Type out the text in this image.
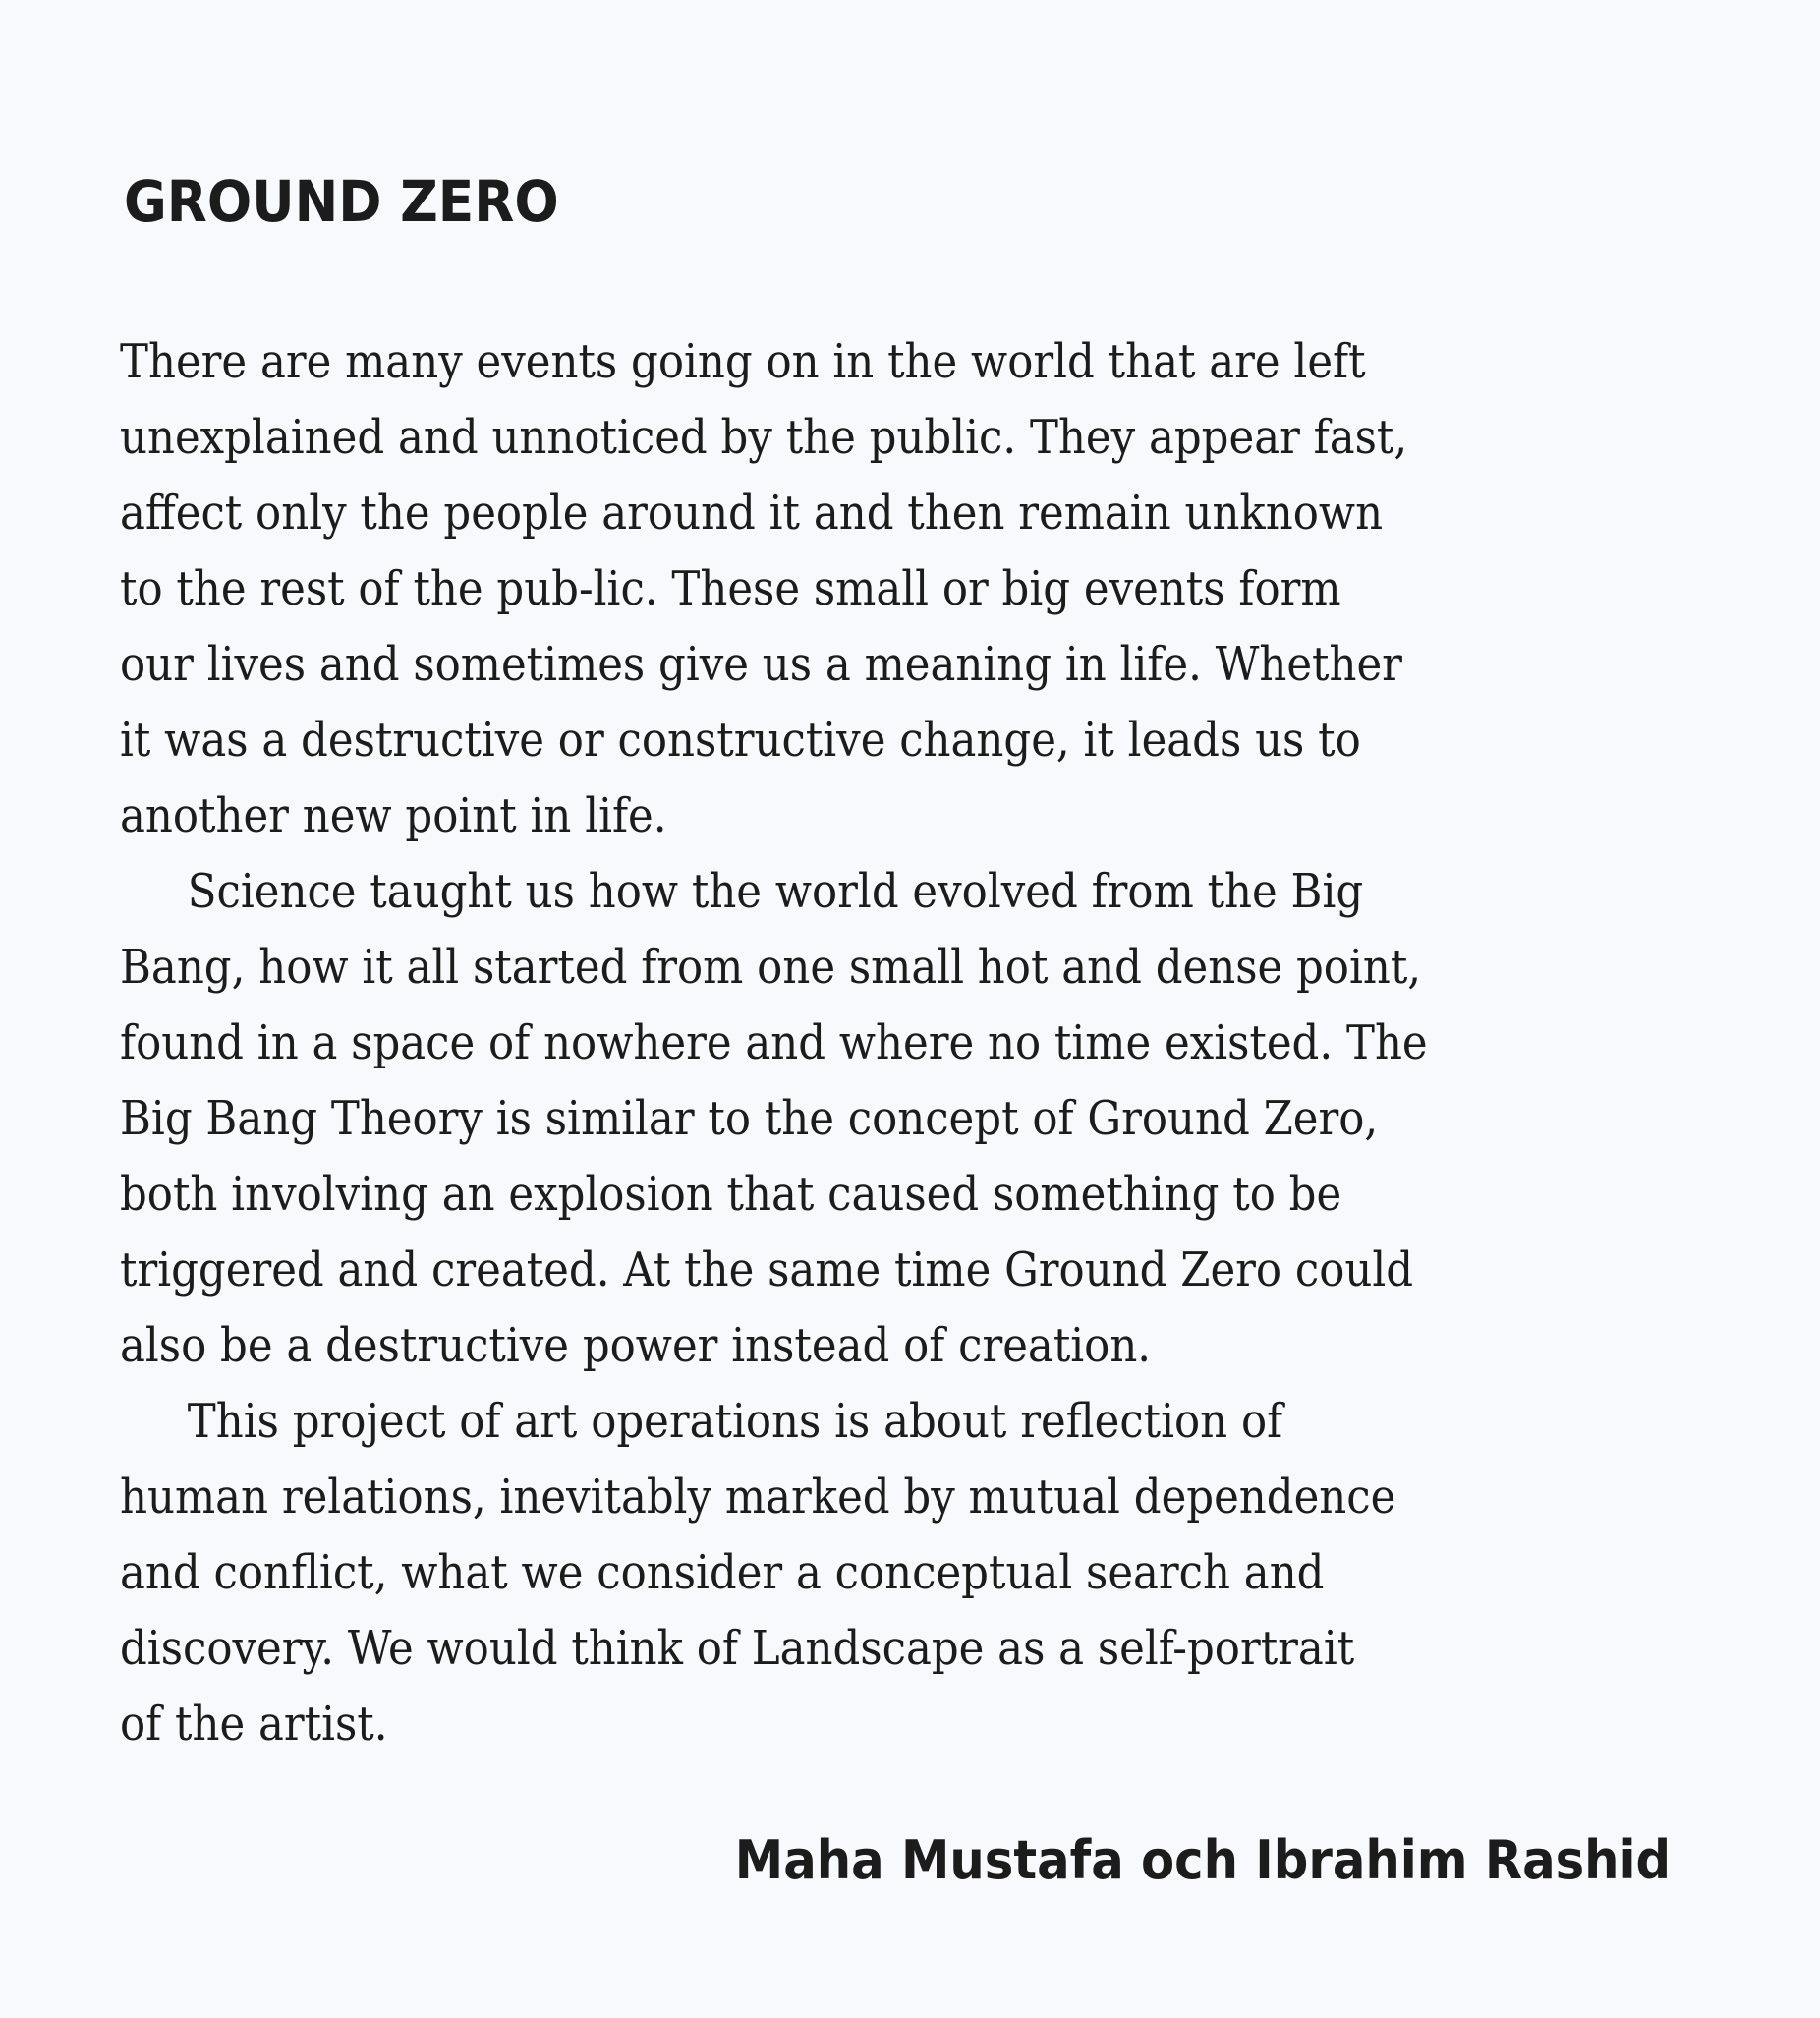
GROUND ZERO
There are many events going on in the world that are left
unexplained and unnoticed by the public. They appear fast,
affect only the people around it and then remain unknown
to the rest of the pub-lic. These small or big events form
our lives and sometimes give us a meaning in life. Whether
it was a destructive or constructive change, it leads us to
another new point in life.
Science taught us how the world evolved from the Big
Bang, how it all started from one small hot and dense point,
found in a space of nowhere and where no time existed. The
Big Bang Theory is similar to the concept of Ground Zero,
both involving an explosion that caused something to be
triggered and created. At the same time Ground Zero could
also be a destructive power instead of creation.
This project of art operations is about reflection of
human relations, inevitably marked by mutual dependence
and conflict, what we consider a conceptual search and
discovery. We would think of Landscape as a self-portrait
of the artist.

Maha Mustafa och Ibrahim Rashid
